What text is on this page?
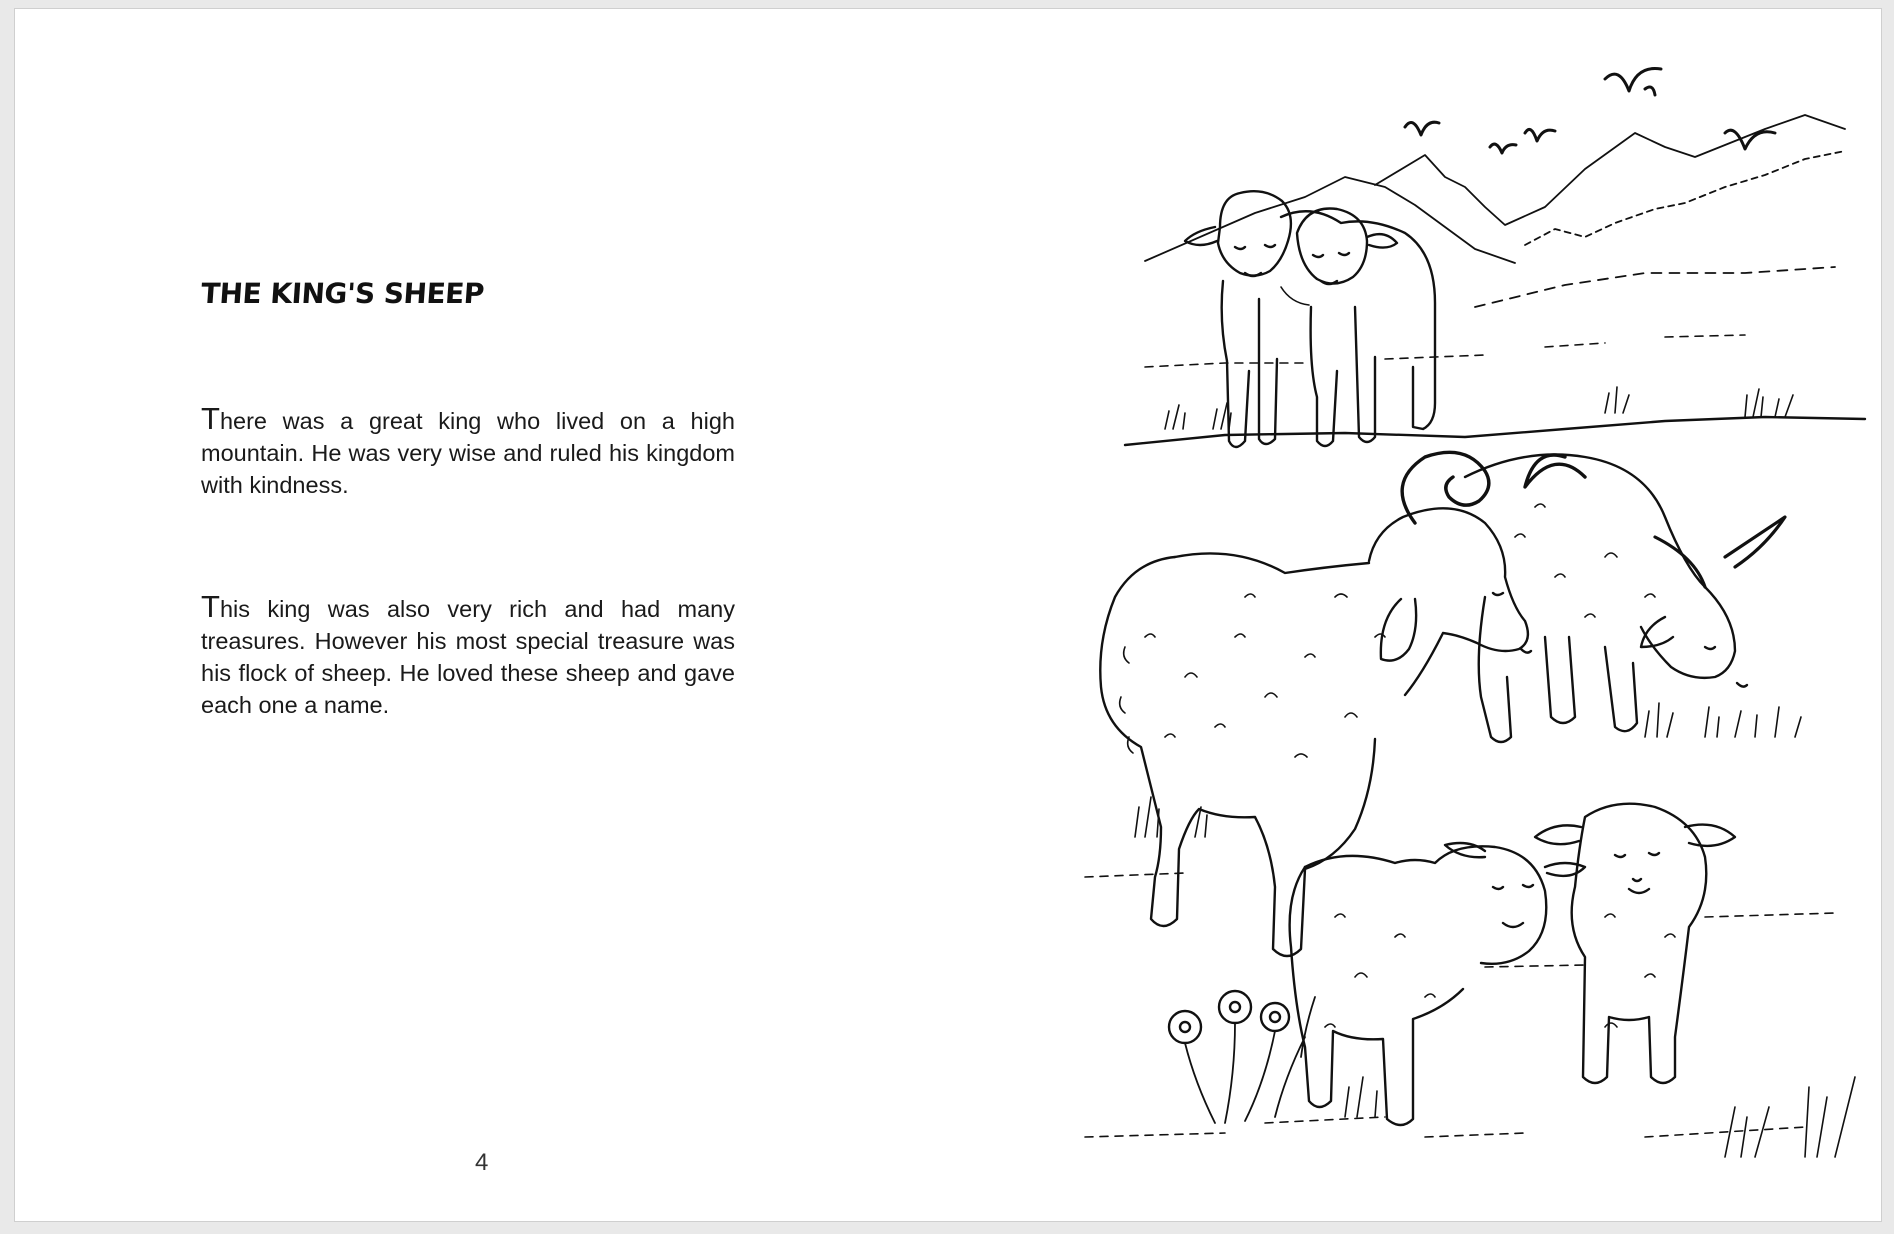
THE KING'S SHEEP

There was a great king who lived on a high mountain. He was very wise and ruled his kingdom with kindness.

This king was also very rich and had many treasures. However his most special treasure was his flock of sheep. He loved these sheep and gave each one a name.

4
